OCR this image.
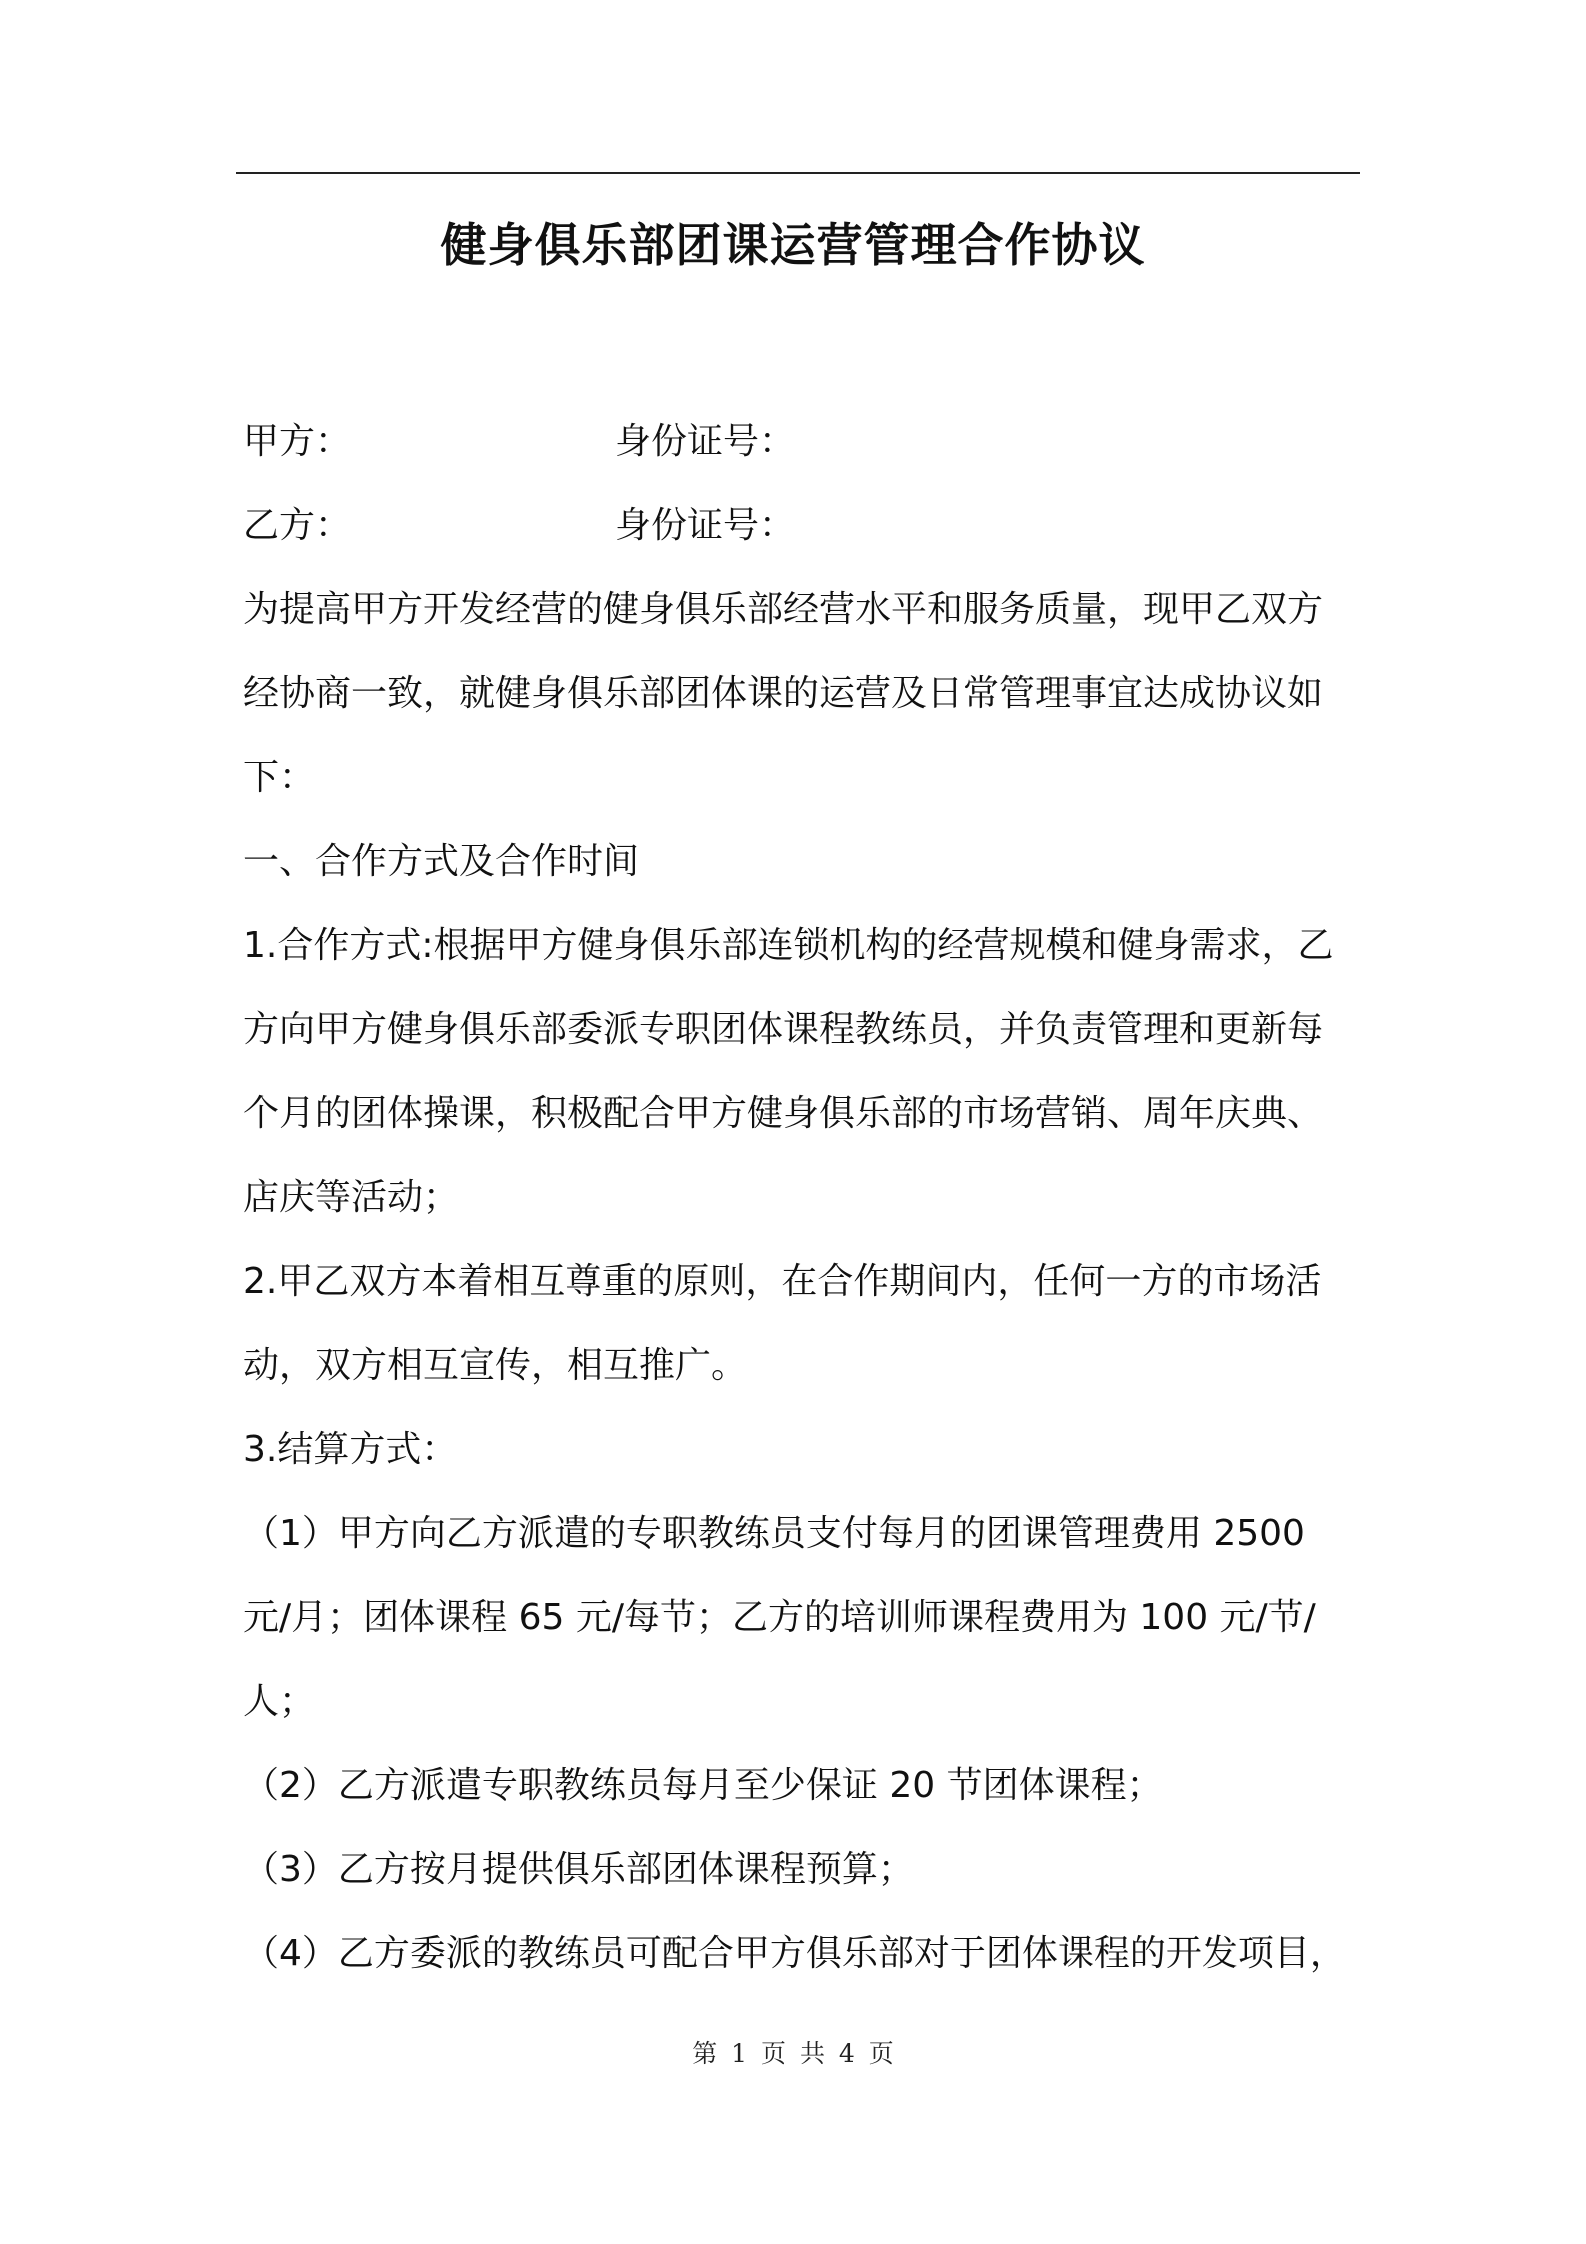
健身俱乐部团课运营管理合作协议
甲方：	身份证号：
乙方：	身份证号：
为提高甲方开发经营的健身俱乐部经营水平和服务质量，现甲乙双方
经协商一致，就健身俱乐部团体课的运营及日常管理事宜达成协议如
下：
一、合作方式及合作时间
1.合作方式:根据甲方健身俱乐部连锁机构的经营规模和健身需求，乙
方向甲方健身俱乐部委派专职团体课程教练员，并负责管理和更新每
个月的团体操课，积极配合甲方健身俱乐部的市场营销、周年庆典、
店庆等活动；
2.甲乙双方本着相互尊重的原则，在合作期间内，任何一方的市场活
动，双方相互宣传，相互推广。
3.结算方式：
（1）甲方向乙方派遣的专职教练员支付每月的团课管理费用 2500
元/月；团体课程 65 元/每节；乙方的培训师课程费用为 100 元/节/
人；
（2）乙方派遣专职教练员每月至少保证 20 节团体课程；
（3）乙方按月提供俱乐部团体课程预算；
（4）乙方委派的教练员可配合甲方俱乐部对于团体课程的开发项目，
第 1 页 共 4 页
